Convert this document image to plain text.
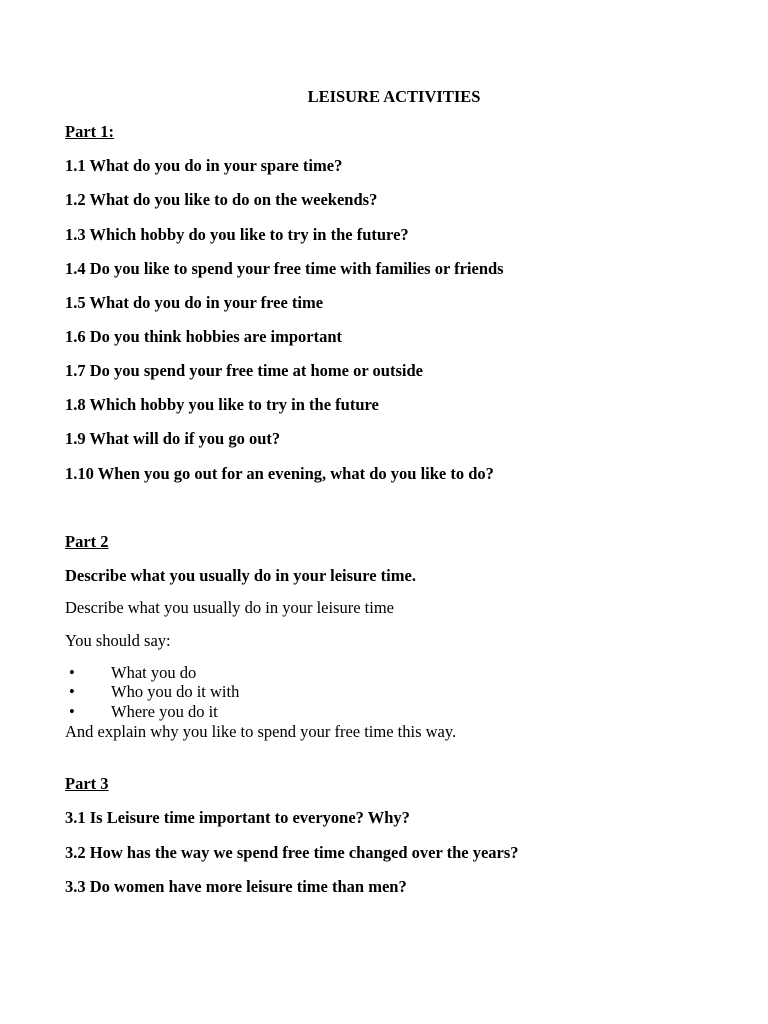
LEISURE ACTIVITIES
Part 1:
1.1 What do you do in your spare time?
1.2 What do you like to do on the weekends?
1.3 Which hobby do you like to try in the future?
1.4 Do you like to spend your free time with families or friends
1.5 What do you do in your free time
1.6 Do you think hobbies are important
1.7 Do you spend your free time at home or outside
1.8 Which hobby you like to try in the future
1.9 What will do if you go out?
1.10 When you go out for an evening, what do you like to do?
Part 2
Describe what you usually do in your leisure time.
Describe what you usually do in your leisure time
You should say:
•	What you do
•	Who you do it with
•	Where you do it
And explain why you like to spend your free time this way.
Part 3
3.1 Is Leisure time important to everyone? Why?
3.2 How has the way we spend free time changed over the years?
3.3 Do women have more leisure time than men?
